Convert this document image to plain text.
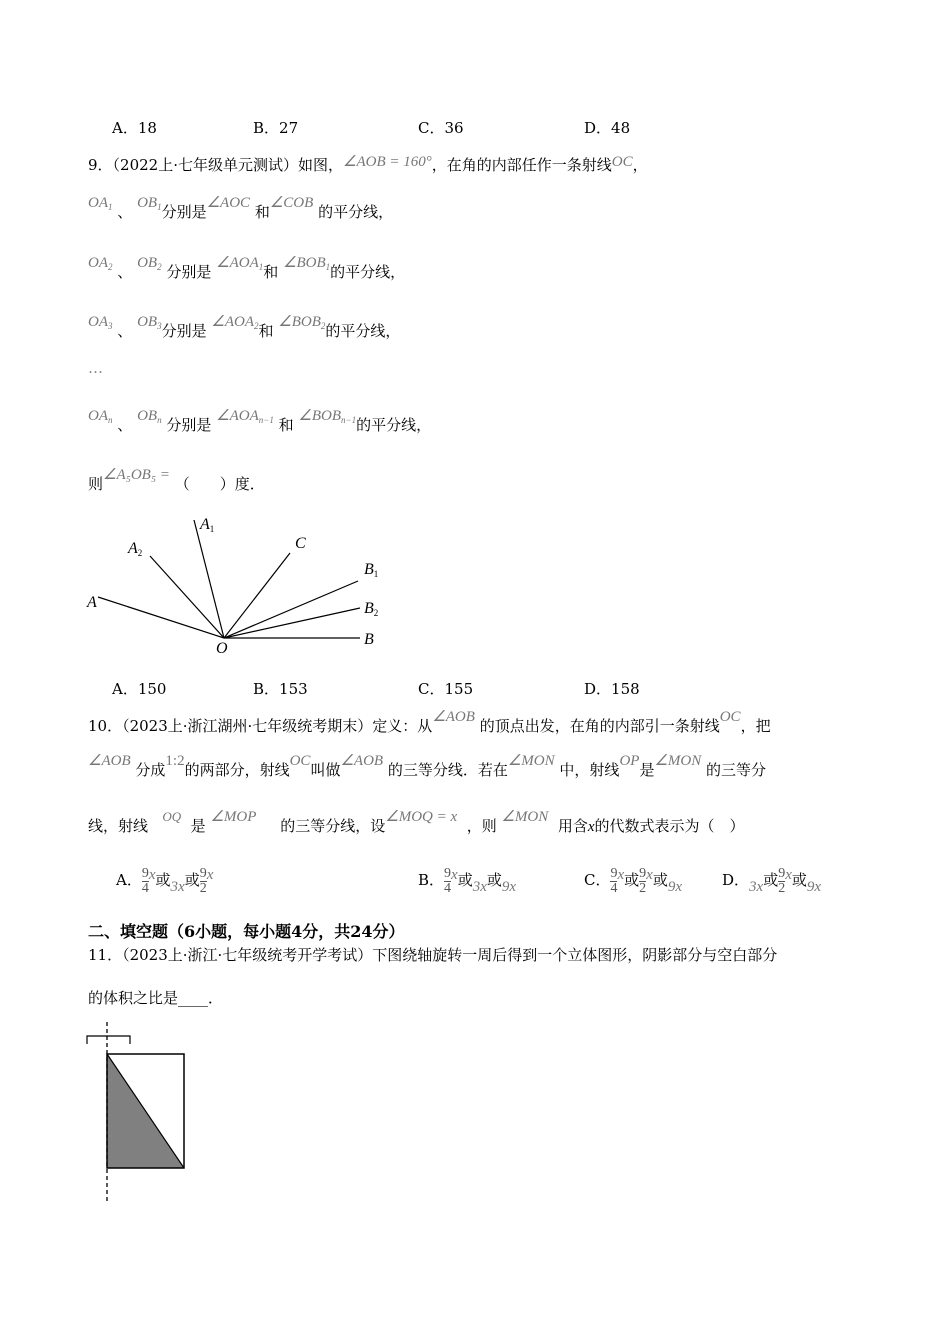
A．18	B．27	C．36	D．48
9．（2022上·七年级单元测试）如图，∠AOB = 160°，在角的内部任作一条射线OC，
$OA_1$ 、 $OB_1$分别是∠AOC 和∠COB 的平分线，
$OA_2$ 、 $OB_2$ 分别是 $\angle AOA_1$和 $\angle BOB_1$的平分线，
$OA_3$ 、 $OB_3$分别是 $\angle AOA_2$和 $\angle BOB_2$的平分线，
…
$OA_n$ 、 $OB_n$ 分别是 $\angle AOA_{n-1}$ 和 $\angle BOB_{n-1}$的平分线，
则∠A₅OB₅ = （　　）度．
A
A2
A1
C
B1
B2
B
O
A．150	B．153	C．155	D．158
10．（2023上·浙江湖州·七年级统考期末）定义：从∠AOB 的顶点出发，在角的内部引一条射线OC，把
∠AOB 分成1:2的两部分，射线OC叫做∠AOB 的三等分线．若在∠MON 中，射线OP是∠MON 的三等分
线，射线   OQ  是 ∠MOP 的三等分线，设∠MOQ = x ，则 ∠MON 用含x的代数式表示为（　）
A． $\frac{9}{4}$ x或3x或 $\frac{9}{2}$ x	B． $\frac{9}{4}$ x或3x或9x	C． $\frac{9}{4}$ x或 $\frac{9}{2}$ x或9x	D．3x或 $\frac{9}{2}$ x或9x
二、填空题（6小题，每小题4分，共24分）
11．（2023上·浙江·七年级统考开学考试）下图绕轴旋转一周后得到一个立体图形，阴影部分与空白部分
的体积之比是____．
